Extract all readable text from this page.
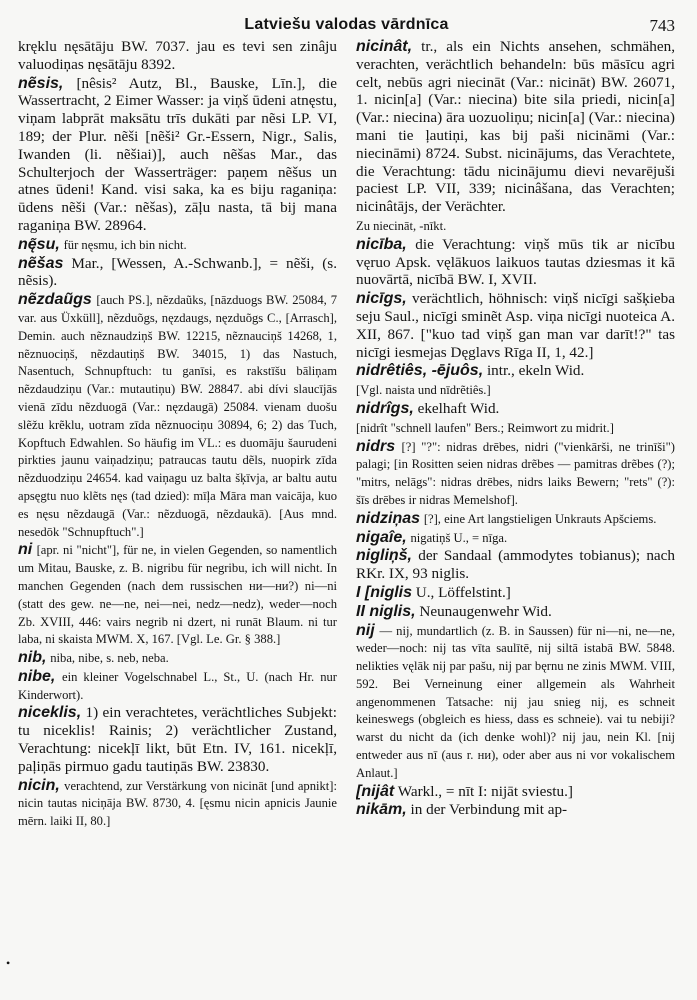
Latviešu valodas vārdnīca	743

kręklu nęsātāju BW. 7037. jau es tevi sen zinâju valuodiņas nęsātāju 8392.

nẽsis, [nêsis² Autz, Bl., Bauske, Līn.], die Wassertracht, 2 Eimer Wasser: ja viņš ūdeni atnęstu, viņam labprāt maksātu trīs dukāti par nẽsi LP. VI, 189; der Plur. nẽši [nẽši² Gr.-Essern, Nigr., Salis, Iwanden (li. nẽšiai)], auch nẽšas Mar., das Schulterjoch der Wasserträger: paņem nẽšus un atnes ūdeni! Kand. visi saka, ka es biju raganiņa: ūdens nẽši (Var.: nẽšas), zāļu nasta, tā bij mana raganiņa BW. 28964.

nę̃su, für nęsmu, ich bin nicht.

nẽšas Mar., [Wessen, A.-Schwanb.], = nẽši, (s. nẽsis).

nẽzdaũgs [auch PS.], nẽzdaũks, [nāzduogs BW. 25084, 7 var. aus Üxküll], nẽzduõgs, nęzdaugs, nęzduõgs C., [Arrasch], Demin. auch nẽznaudziņš BW. 12215, nẽznauciņš 14268, 1, nẽznuociņš, nẽzdautiņš BW. 34015, 1) das Nastuch, Nasentuch, Schnupftuch: tu ganīsi, es rakstīšu bāliņam nẽzdaudziņu (Var.: mutautiņu) BW. 28847. abi dívi slaucījās vienā zīdu nẽzduogā (Var.: nęzdaugā) 25084. vienam duošu slẽžu krẽklu, uotram zīda nẽznuociņu 30894, 6; 2) das Tuch, Kopftuch Edwahlen. So häufig im VL.: es duomāju šaurudeni pirkties jaunu vaiņadziņu; patraucas tautu dẽls, nuopirk zīda nẽzduodziņu 24654. kad vaiņagu uz balta šķīvja, ar baltu autu apsęgtu nuo klẽts nęs (tad dzied): mīļa Māra man vaicāja, kuo es nęsu nẽzdaugā (Var.: nẽzduogā, nẽzdaukā). [Aus mnd. nesedōk "Schnupftuch".]

ni [apr. ni "nicht"], für ne, in vielen Gegenden, so namentlich um Mitau, Bauske, z. B. nigribu für negribu, ich will nicht. In manchen Gegenden (nach dem russischen ни—ни?) ni—ni (statt des gew. ne—ne, nei—nei, nedz—nedz), weder—noch Zb. XVIII, 446: vairs negrib ni dzert, ni runāt Blaum. ni tur laba, ni skaista MWM. X, 167. [Vgl. Le. Gr. § 388.]

nib, niba, nibe, s. neb, neba.

nibe, ein kleiner Vogelschnabel L., St., U. (nach Hr. nur Kinderwort).

niceklis, 1) ein verachtetes, verächtliches Subjekt: tu niceklis! Rainis; 2) verächtlicher Zustand, Verachtung: nicekļī likt, būt Etn. IV, 161. nicekļī, paļiņās pirmuo gadu tautiņās BW. 23830.

nicin, verachtend, zur Verstärkung von nicināt [und apnikt]: nicin tautas niciņāja BW. 8730, 4. [ęsmu nicin apnicis Jaunie mērn. laiki II, 80.]

nicinât, tr., als ein Nichts ansehen, schmähen, verachten, verächtlich behandeln: būs māsīcu agri celt, nebūs agri niecināt (Var.: nicināt) BW. 26071, 1. nicin[a] (Var.: niecina) bite sila priedi, nicin[a] (Var.: niecina) āra uozuoliņu; nicin[a] (Var.: niecina) mani tie ļautiņi, kas bij paši nicināmi (Var.: niecināmi) 8724. Subst. nicinājums, das Verachtete, die Verachtung: tādu nicinājumu dievi nevarējuši paciest LP. VII, 339; nicinâšana, das Verachten; nicinâtājs, der Verächter.

Zu niecināt, -nīkt.

nicība, die Verachtung: viņš mūs tik ar nicību vęruo Apsk. vęlākuos laikuos tautas dziesmas it kā nuovārtā, nicībā BW. I, XVII.

nicīgs, verächtlich, höhnisch: viņš nicīgi sašķieba seju Saul., nicīgi sminẽt Asp. viņa nicīgi nuoteica A. XII, 867. ["kuo tad viņš gan man var darīt!?" tas nicīgi iesmejas Dęglavs Rīga II, 1, 42.]

nidrêtiês, -ējuôs, intr., ekeln Wid.

[Vgl. naista und nīdrẽtiês.]

nidrîgs, ekelhaft Wid.

[nidrît "schnell laufen" Bers.; Reimwort zu midrit.]

nidrs [?] "?": nidras drēbes, nidri ("vienkārši, ne trinīši") palagi; [in Rositten seien nidras drẽbes — pamitras drẽbes (?); "mitrs, nelāgs": nidras drēbes, nidrs laiks Bewern; "rets" (?): šīs drēbes ir nidras Memelshof].

nidziņas [?], eine Art langstieligen Unkrauts Apšciems.

nigaîe, nigatiņš U., = nīga.

nigliņš, der Sandaal (ammodytes tobianus); nach RKr. IX, 93 niglis.

I [niglis U., Löffelstint.]

II niglis, Neunaugenwehr Wid.

nij — nij, mundartlich (z. B. in Saussen) für ni—ni, ne—ne, weder—noch: nij tas vīta saulītē, nij siltā istabā BW. 5848. nelikties vęlāk nij par pašu, nij par bęrnu ne zinis MWM. VIII, 592. Bei Verneinung einer allgemein als Wahrheit angenommenen Tatsache: nij jau snieg nij, es schneit keineswegs (obgleich es hiess, dass es schneie). vai tu nebiji? warst du nicht da (ich denke wohl)? nij jau, nein Kl. [nij entweder aus nī (aus r. ни), oder aber aus ni vor vokalischem Anlaut.]

[nijât Warkl., = nīt I: nijāt sviestu.]

nikām, in der Verbindung mit ap-

•
